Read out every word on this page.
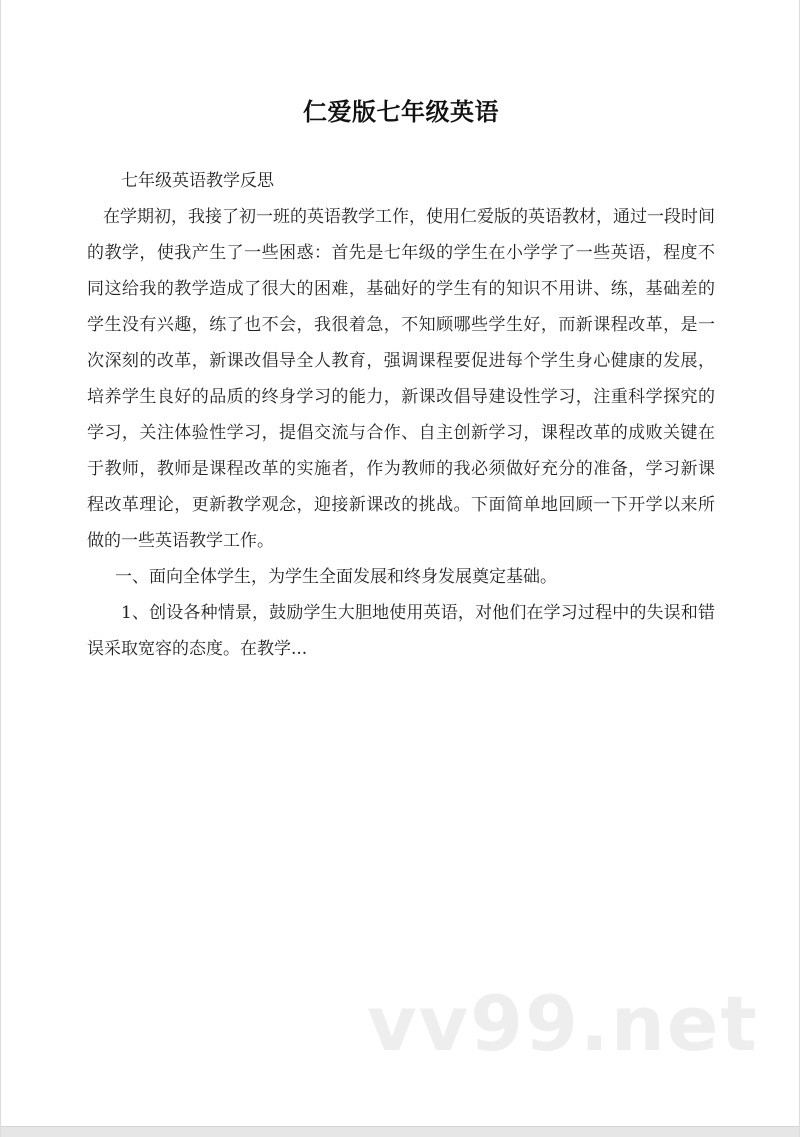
仁爱版七年级英语

七年级英语教学反思

在学期初，我接了初一班的英语教学工作，使用仁爱版的英语教材，通过一段时间的教学，使我产生了一些困惑：首先是七年级的学生在小学学了一些英语，程度不同这给我的教学造成了很大的困难，基础好的学生有的知识不用讲、练，基础差的学生没有兴趣，练了也不会，我很着急，不知顾哪些学生好，而新课程改革，是一次深刻的改革，新课改倡导全人教育，强调课程要促进每个学生身心健康的发展，培养学生良好的品质的终身学习的能力，新课改倡导建设性学习，注重科学探究的学习，关注体验性学习，提倡交流与合作、自主创新学习，课程改革的成败关键在于教师，教师是课程改革的实施者，作为教师的我必须做好充分的准备，学习新课程改革理论，更新教学观念，迎接新课改的挑战。下面简单地回顾一下开学以来所做的一些英语教学工作。

一、面向全体学生，为学生全面发展和终身发展奠定基础。

1、创设各种情景，鼓励学生大胆地使用英语，对他们在学习过程中的失误和错误采取宽容的态度。在教学...

vv99.net
